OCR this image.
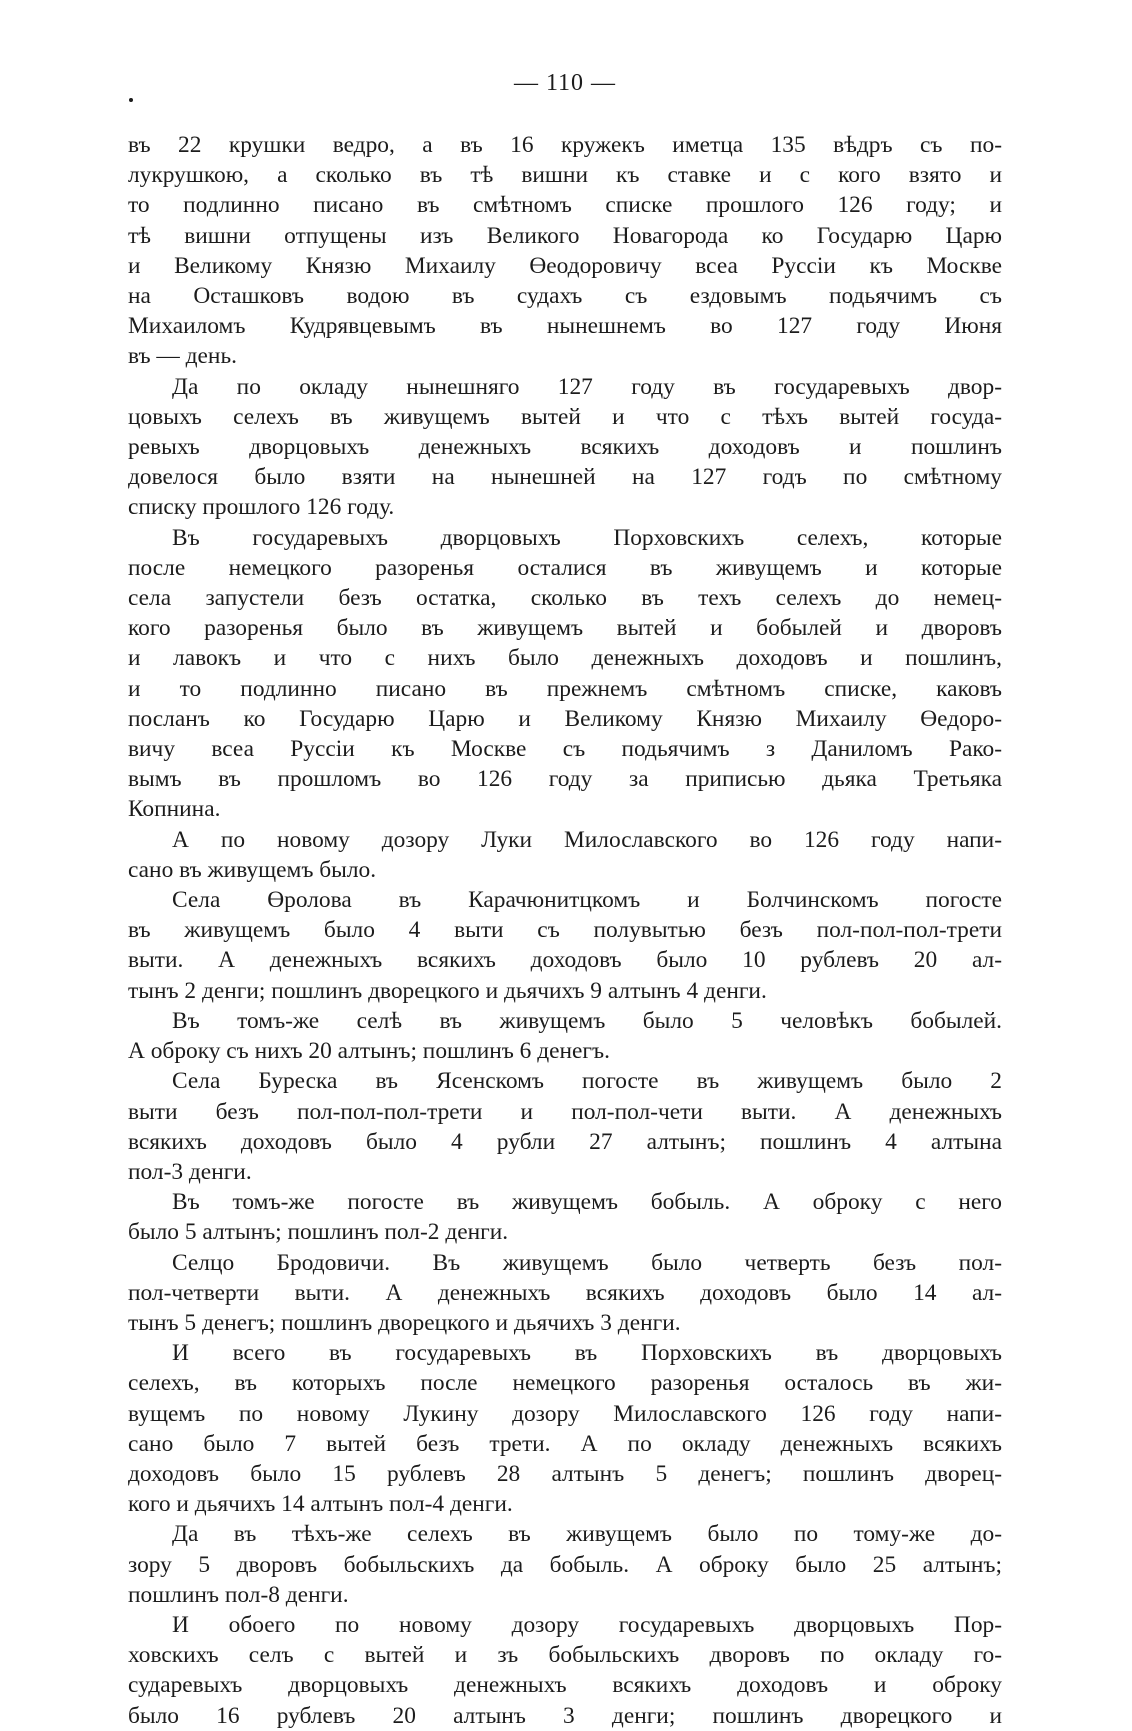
— 110 —
въ 22 крушки ведро, а въ 16 кружекъ иметца 135 вѣдръ съ по-
лукрушкою, а сколько въ тѣ вишни къ ставке и с кого взято и
то подлинно писано въ смѣтномъ списке прошлого 126 году; и
тѣ вишни отпущены изъ Великого Новагорода ко Государю Царю
и Великому Князю Михаилу Өеодоровичу всеа Руссіи къ Москве
на Осташковъ водою въ судахъ съ ездовымъ подьячимъ съ
Михаиломъ Кудрявцевымъ въ нынешнемъ во 127 году Июня
въ — день.
Да по окладу нынешняго 127 году въ государевыхъ двор-
цовыхъ селехъ въ живущемъ вытей и что с тѣхъ вытей госуда-
ревыхъ дворцовыхъ денежныхъ всякихъ доходовъ и пошлинъ
довелося было взяти на нынешней на 127 годъ по смѣтному
списку прошлого 126 году.
Въ государевыхъ дворцовыхъ Порховскихъ селехъ, которые
после немецкого разоренья осталися въ живущемъ и которые
села запустели безъ остатка, сколько въ техъ селехъ до немец-
кого разоренья было въ живущемъ вытей и бобылей и дворовъ
и лавокъ и что с нихъ было денежныхъ доходовъ и пошлинъ,
и то подлинно писано въ прежнемъ смѣтномъ списке, каковъ
посланъ ко Государю Царю и Великому Князю Михаилу Өедоро-
вичу всеа Руссіи къ Москве съ подьячимъ з Даниломъ Рако-
вымъ въ прошломъ во 126 году за приписью дьяка Третьяка
Копнина.
А по новому дозору Луки Милославского во 126 году напи-
сано въ живущемъ было.
Села Өролова въ Карачюнитцкомъ и Болчинскомъ погосте
въ живущемъ было 4 выти съ полувытью безъ пол-пол-пол-трети
выти. А денежныхъ всякихъ доходовъ было 10 рублевъ 20 ал-
тынъ 2 денги; пошлинъ дворецкого и дьячихъ 9 алтынъ 4 денги.
Въ томъ-же селѣ въ живущемъ было 5 человѣкъ бобылей.
А оброку съ нихъ 20 алтынъ; пошлинъ 6 денегъ.
Села Буреска въ Ясенскомъ погосте въ живущемъ было 2
выти безъ пол-пол-пол-трети и пол-пол-чети выти. А денежныхъ
всякихъ доходовъ было 4 рубли 27 алтынъ; пошлинъ 4 алтына
пол-3 денги.
Въ томъ-же погосте въ живущемъ бобыль. А оброку с него
было 5 алтынъ; пошлинъ пол-2 денги.
Селцо Бродовичи. Въ живущемъ было четверть безъ пол-
пол-четверти выти. А денежныхъ всякихъ доходовъ было 14 ал-
тынъ 5 денегъ; пошлинъ дворецкого и дьячихъ 3 денги.
И всего въ государевыхъ въ Порховскихъ въ дворцовыхъ
селехъ, въ которыхъ после немецкого разоренья осталось въ жи-
вущемъ по новому Лукину дозору Милославского 126 году напи-
сано было 7 вытей безъ трети. А по окладу денежныхъ всякихъ
доходовъ было 15 рублевъ 28 алтынъ 5 денегъ; пошлинъ дворец-
кого и дьячихъ 14 алтынъ пол-4 денги.
Да въ тѣхъ-же селехъ въ живущемъ было по тому-же до-
зору 5 дворовъ бобыльскихъ да бобыль. А оброку было 25 алтынъ;
пошлинъ пол-8 денги.
И обоего по новому дозору государевыхъ дворцовыхъ Пор-
ховскихъ селъ с вытей и зъ бобыльскихъ дворовъ по окладу го-
сударевыхъ дворцовыхъ денежныхъ всякихъ доходовъ и оброку
было 16 рублевъ 20 алтынъ 3 денги; пошлинъ дворецкого и
